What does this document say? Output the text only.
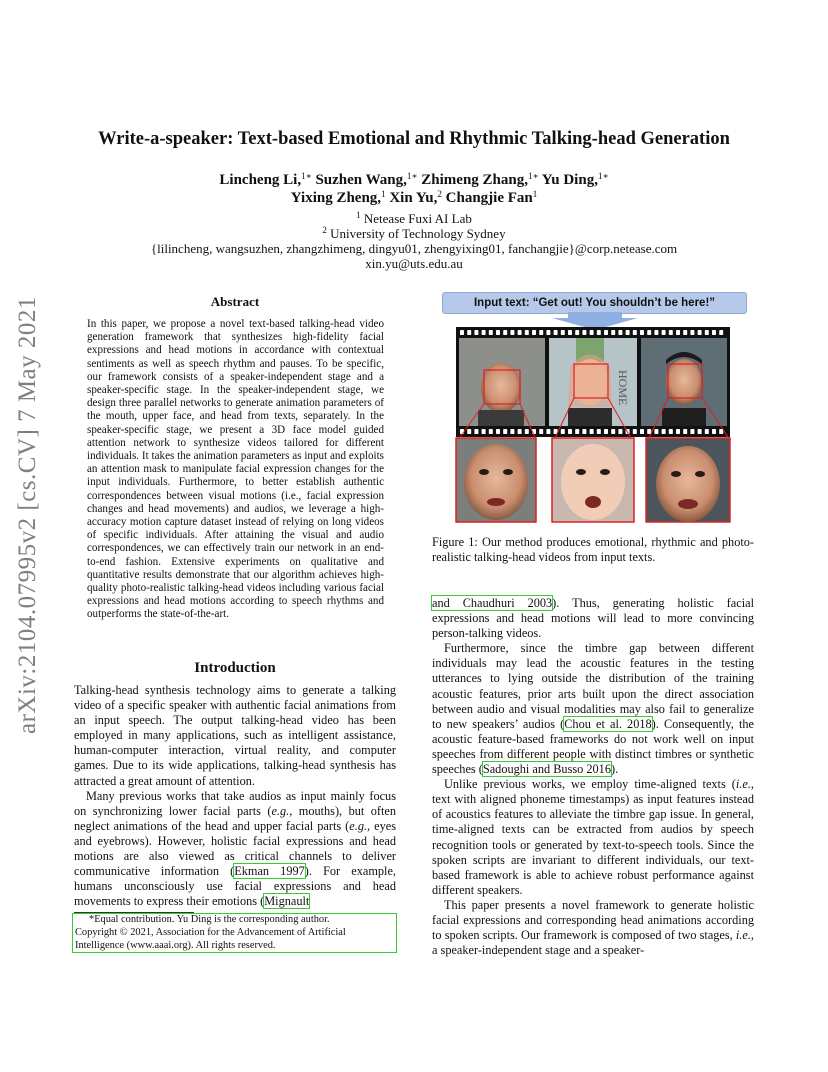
arXiv:2104.07995v2 [cs.CV] 7 May 2021
Write-a-speaker: Text-based Emotional and Rhythmic Talking-head Generation
Lincheng Li,$^{1∗}$ Suzhen Wang,$^{1∗}$ Zhimeng Zhang,$^{1∗}$ Yu Ding,$^{1∗}$
Yixing Zheng,$^1$ Xin Yu,$^2$ Changjie Fan$^1$
$^1$ Netease Fuxi AI Lab
$^2$ University of Technology Sydney
{lilincheng, wangsuzhen, zhangzhimeng, dingyu01, zhengyixing01, fanchangjie}@corp.netease.com
xin.yu@uts.edu.au
Abstract
In this paper, we propose a novel text-based talking-head video generation framework that synthesizes high-fidelity facial expressions and head motions in accordance with contextual sentiments as well as speech rhythm and pauses. To be specific, our framework consists of a speaker-independent stage and a speaker-specific stage. In the speaker-independent stage, we design three parallel networks to generate animation parameters of the mouth, upper face, and head from texts, separately. In the speaker-specific stage, we present a 3D face model guided attention network to synthesize videos tailored for different individuals. It takes the animation parameters as input and exploits an attention mask to manipulate facial expression changes for the input individuals. Furthermore, to better establish authentic correspondences between visual motions (i.e., facial expression changes and head movements) and audios, we leverage a high-accuracy motion capture dataset instead of relying on long videos of specific individuals. After attaining the visual and audio correspondences, we can effectively train our network in an end-to-end fashion. Extensive experiments on qualitative and quantitative results demonstrate that our algorithm achieves high-quality photo-realistic talking-head videos including various facial expressions and head motions according to speech rhythms and outperforms the state-of-the-art.
Introduction

Talking-head synthesis technology aims to generate a talking video of a specific speaker with authentic facial animations from an input speech. The output talking-head video has been employed in many applications, such as intelligent assistance, human-computer interaction, virtual reality, and computer games. Due to its wide applications, talking-head synthesis has attracted a great amount of attention.

Many previous works that take audios as input mainly focus on synchronizing lower facial parts (e.g., mouths), but often neglect animations of the head and upper facial parts (e.g., eyes and eyebrows). However, holistic facial expressions and head motions are also viewed as critical channels to deliver communicative information (Ekman 1997). For example, humans unconsciously use facial expressions and head movements to express their emotions (Mignault

*Equal contribution. Yu Ding is the corresponding author.
Copyright © 2021, Association for the Advancement of Artificial Intelligence (www.aaai.org). All rights reserved.
Input text: “Get out! You shouldn’t be here!”
HOME
Figure 1: Our method produces emotional, rhythmic and photo-realistic talking-head videos from input texts.

and Chaudhuri 2003). Thus, generating holistic facial expressions and head motions will lead to more convincing person-talking videos.

Furthermore, since the timbre gap between different individuals may lead the acoustic features in the testing utterances to lying outside the distribution of the training acoustic features, prior arts built upon the direct association between audio and visual modalities may also fail to generalize to new speakers’ audios (Chou et al. 2018). Consequently, the acoustic feature-based frameworks do not work well on input speeches from different people with distinct timbres or synthetic speeches (Sadoughi and Busso 2016).

Unlike previous works, we employ time-aligned texts (i.e., text with aligned phoneme timestamps) as input features instead of acoustics features to alleviate the timbre gap issue. In general, time-aligned texts can be extracted from audios by speech recognition tools or generated by text-to-speech tools. Since the spoken scripts are invariant to different individuals, our text-based framework is able to achieve robust performance against different speakers.

This paper presents a novel framework to generate holistic facial expressions and corresponding head animations according to spoken scripts. Our framework is composed of two stages, i.e., a speaker-independent stage and a speaker-
